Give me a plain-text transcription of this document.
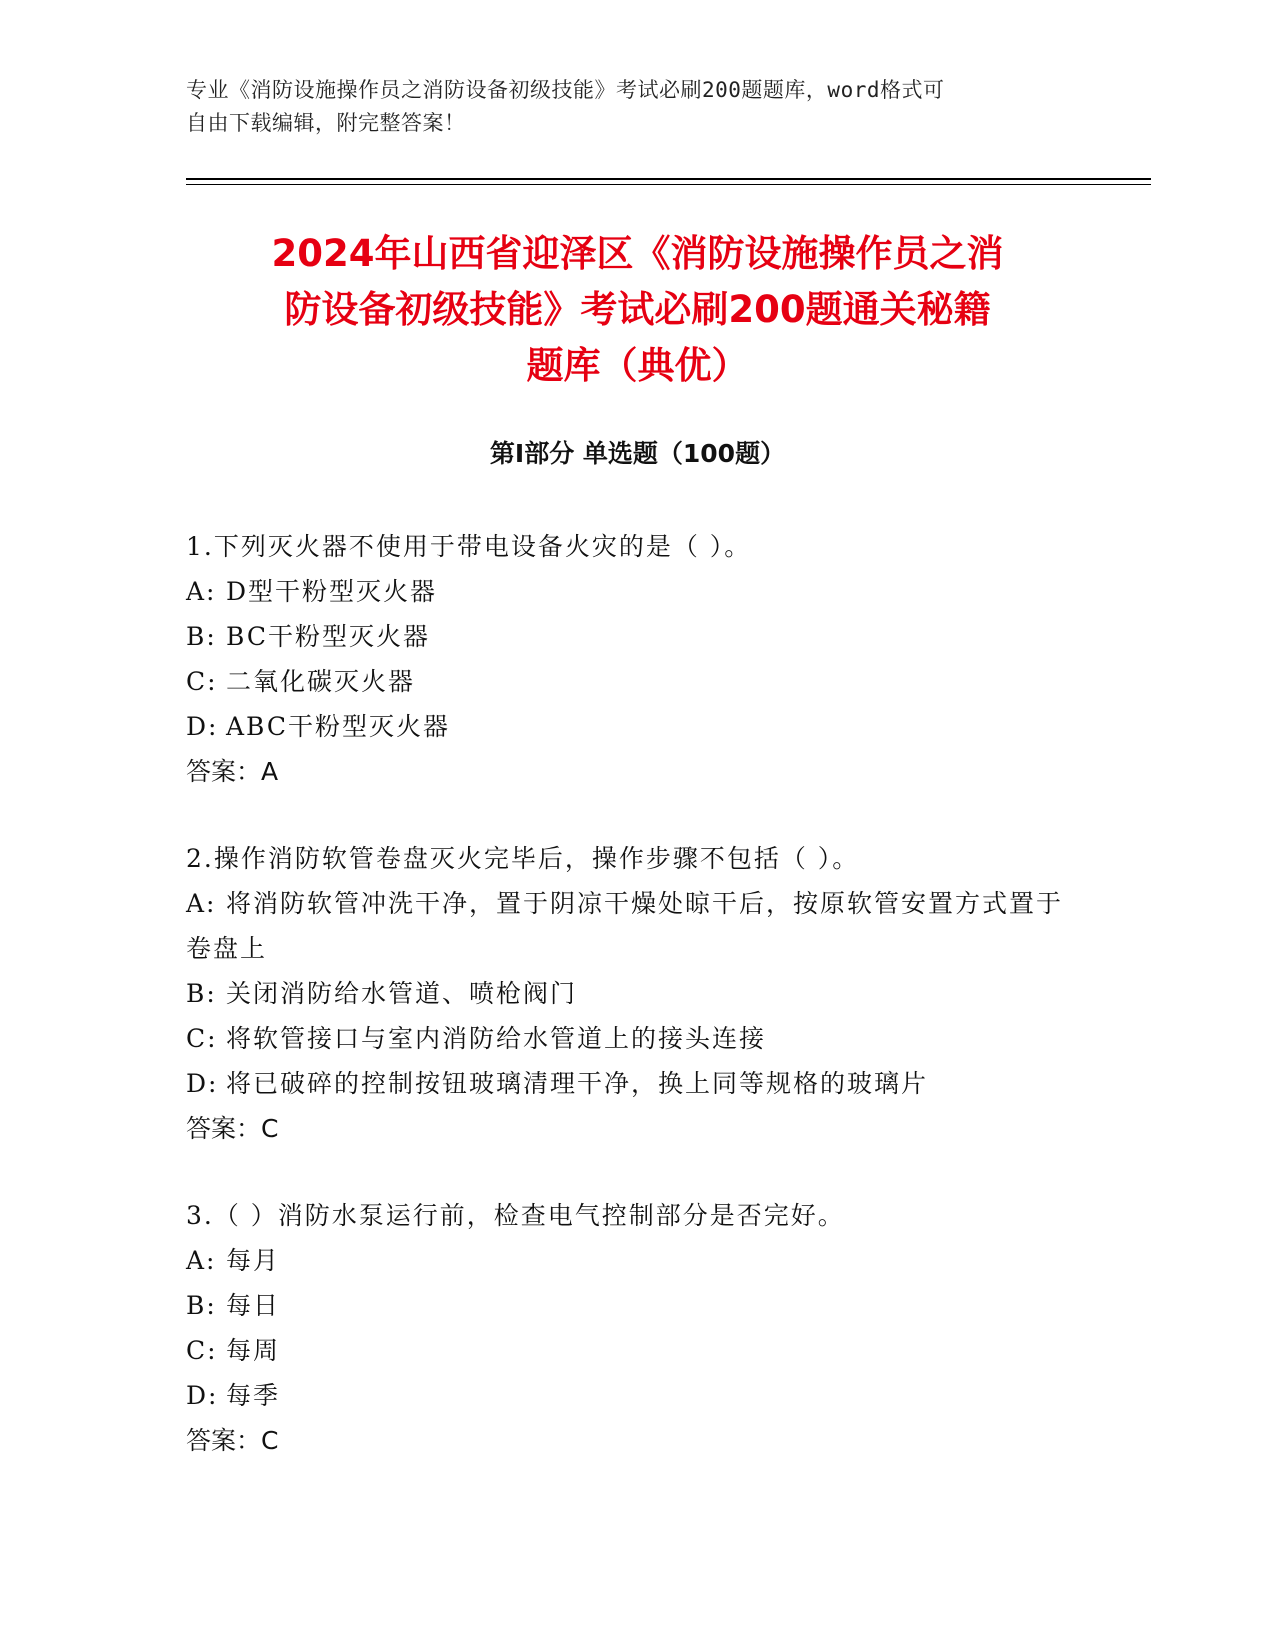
专业《消防设施操作员之消防设备初级技能》考试必刷200题题库，word格式可
自由下载编辑，附完整答案！
2024年山西省迎泽区《消防设施操作员之消
防设备初级技能》考试必刷200题通关秘籍
题库（典优）
第Ⅰ部分 单选题（100题）
1.下列灭火器不使用于带电设备火灾的是（ ）。
A: D型干粉型灭火器
B: BC干粉型灭火器
C: 二氧化碳灭火器
D: ABC干粉型灭火器
答案：A
2.操作消防软管卷盘灭火完毕后，操作步骤不包括（ ）。
A: 将消防软管冲洗干净，置于阴凉干燥处晾干后，按原软管安置方式置于卷盘上
B: 关闭消防给水管道、喷枪阀门
C: 将软管接口与室内消防给水管道上的接头连接
D: 将已破碎的控制按钮玻璃清理干净，换上同等规格的玻璃片
答案：C
3.（ ）消防水泵运行前，检查电气控制部分是否完好。
A: 每月
B: 每日
C: 每周
D: 每季
答案：C
